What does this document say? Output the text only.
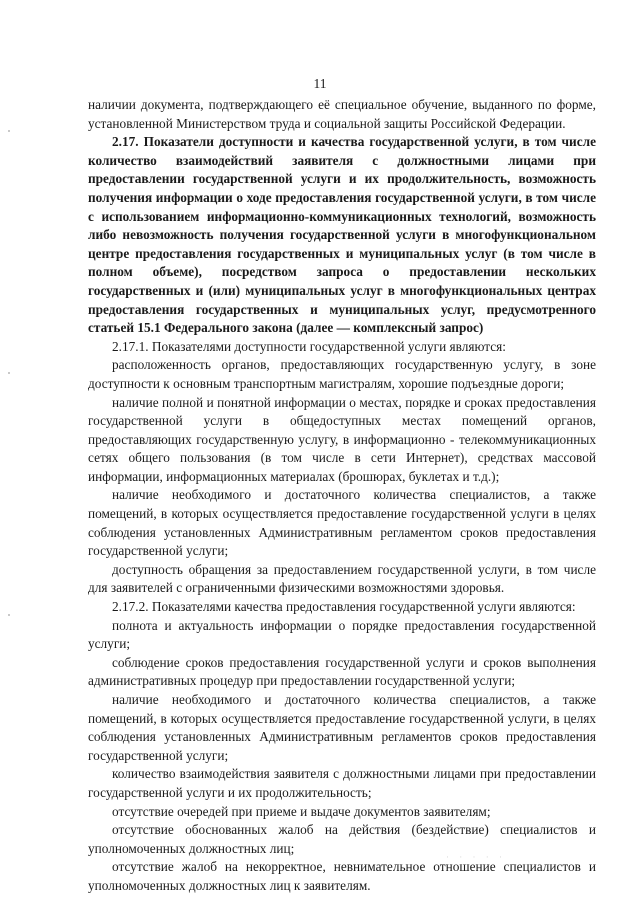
11

наличии документа, подтверждающего её специальное обучение, выданного по форме, установленной Министерством труда и социальной защиты Российской Федерации.

2.17. Показатели доступности и качества государственной услуги, в том числе количество взаимодействий заявителя с должностными лицами при предоставлении государственной услуги и их продолжительность, возможность получения информации о ходе предоставления государственной услуги, в том числе с использованием информационно-коммуникационных технологий, возможность либо невозможность получения государственной услуги в многофункциональном центре предоставления государственных и муниципальных услуг (в том числе в полном объеме), посредством запроса о предоставлении нескольких государственных и (или) муниципальных услуг в многофункциональных центрах предоставления государственных и муниципальных услуг, предусмотренного статьей 15.1 Федерального закона (далее — комплексный запрос)

2.17.1. Показателями доступности государственной услуги являются:

расположенность органов, предоставляющих государственную услугу, в зоне доступности к основным транспортным магистралям, хорошие подъездные дороги;

наличие полной и понятной информации о местах, порядке и сроках предоставления государственной услуги в общедоступных местах помещений органов, предоставляющих государственную услугу, в информационно - телекоммуникационных сетях общего пользования (в том числе в сети Интернет), средствах массовой информации, информационных материалах (брошюрах, буклетах и т.д.);

наличие необходимого и достаточного количества специалистов, а также помещений, в которых осуществляется предоставление государственной услуги в целях соблюдения установленных Административным регламентом сроков предоставления государственной услуги;

доступность обращения за предоставлением государственной услуги, в том числе для заявителей с ограниченными физическими возможностями здоровья.

2.17.2. Показателями качества предоставления государственной услуги являются:

полнота и актуальность информации о порядке предоставления государственной услуги;

соблюдение сроков предоставления государственной услуги и сроков выполнения административных процедур при предоставлении государственной услуги;

наличие необходимого и достаточного количества специалистов, а также помещений, в которых осуществляется предоставление государственной услуги, в целях соблюдения установленных Административным регламентов сроков предоставления государственной услуги;

количество взаимодействия заявителя с должностными лицами при предоставлении государственной услуги и их продолжительность;

отсутствие очередей при приеме и выдаче документов заявителям;

отсутствие обоснованных жалоб на действия (бездействие) специалистов и уполномоченных должностных лиц;

отсутствие жалоб на некорректное, невнимательное отношение специалистов и уполномоченных должностных лиц к заявителям.

· · · · ·
